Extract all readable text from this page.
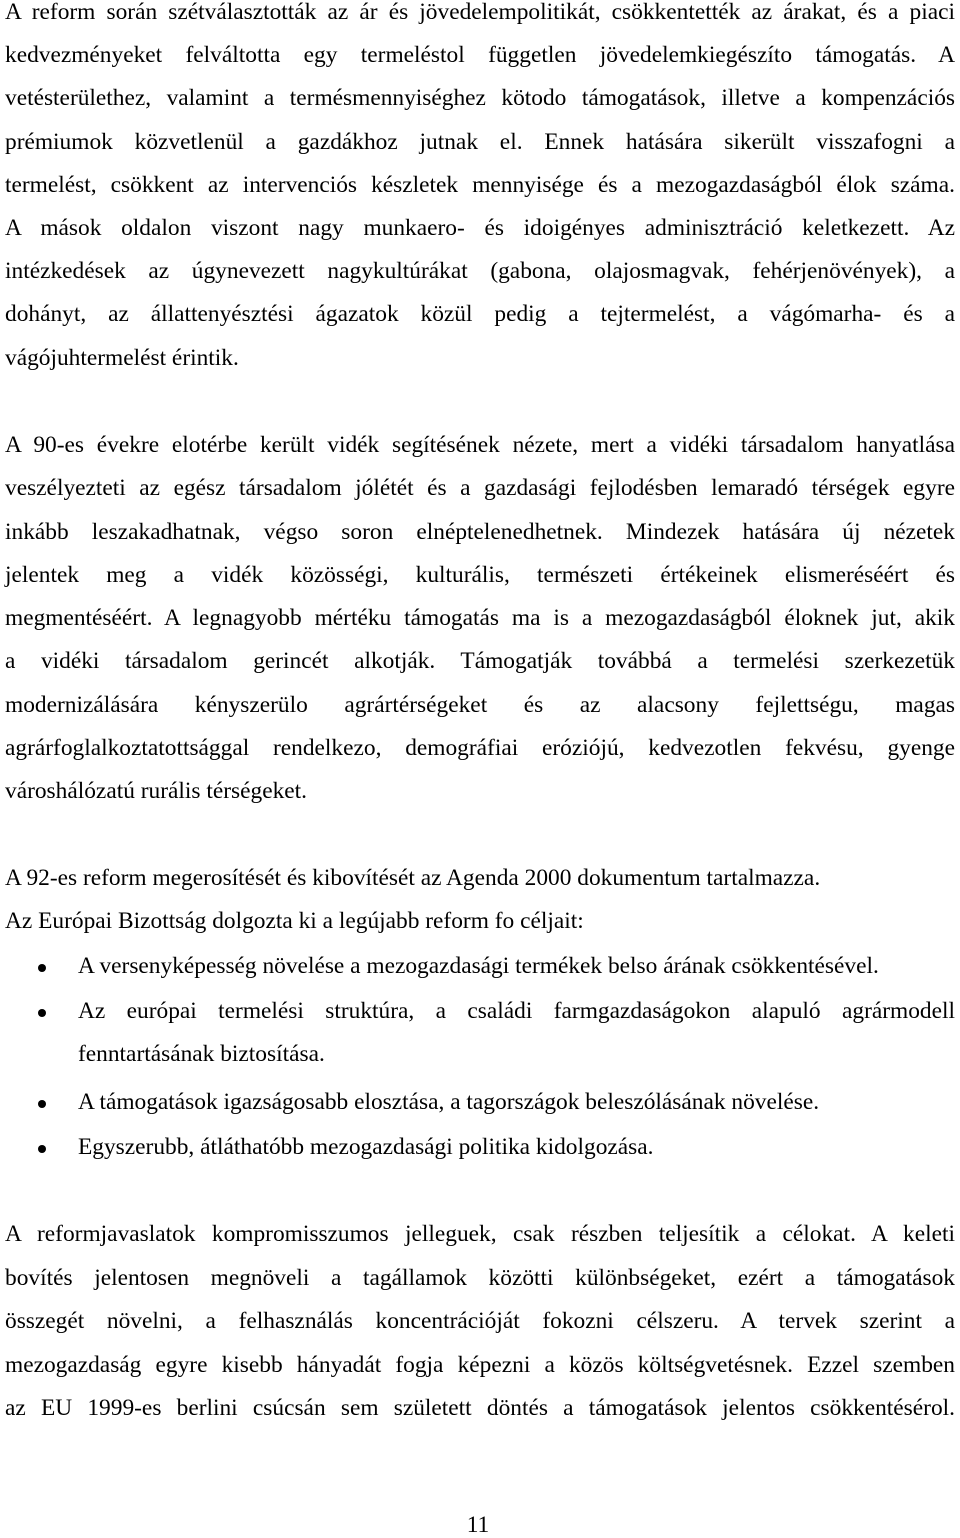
A reform során szétválasztották az ár és jövedelempolitikát, csökkentették az árakat, és a piaci
kedvezményeket felváltotta egy termeléstol független jövedelemkiegészíto támogatás. A
vetésterülethez, valamint a termésmennyiséghez kötodo támogatások, illetve a kompenzációs
prémiumok közvetlenül a gazdákhoz jutnak el. Ennek hatására sikerült visszafogni a
termelést, csökkent az intervenciós készletek mennyisége és a mezogazdaságból élok száma.
A mások oldalon viszont nagy munkaero- és idoigényes adminisztráció keletkezett. Az
intézkedések az úgynevezett nagykultúrákat (gabona, olajosmagvak, fehérjenövények), a
dohányt, az állattenyésztési ágazatok közül pedig a tejtermelést, a vágómarha- és a
vágójuhtermelést érintik.
A 90-es évekre elotérbe került vidék segítésének nézete, mert a vidéki társadalom hanyatlása
veszélyezteti az egész társadalom jólétét és a gazdasági fejlodésben lemaradó térségek egyre
inkább leszakadhatnak, végso soron elnéptelenedhetnek. Mindezek hatására új nézetek
jelentek meg a vidék közösségi, kulturális, természeti értékeinek elismeréséért és
megmentéséért. A legnagyobb mértéku támogatás ma is a mezogazdaságból éloknek jut, akik
a vidéki társadalom gerincét alkotják. Támogatják továbbá a termelési szerkezetük
modernizálására kényszerülo agrártérségeket és az alacsony fejlettségu, magas
agrárfoglalkoztatottsággal rendelkezo, demográfiai eróziójú, kedvezotlen fekvésu, gyenge
városhálózatú rurális térségeket.
A 92-es reform megerosítését és kibovítését az Agenda 2000 dokumentum tartalmazza.
Az Európai Bizottság dolgozta ki a legújabb reform fo céljait:
A versenyképesség növelése a mezogazdasági termékek belso árának csökkentésével.
Az európai termelési struktúra, a családi farmgazdaságokon alapuló agrármodell
fenntartásának biztosítása.
A támogatások igazságosabb elosztása, a tagországok beleszólásának növelése.
Egyszerubb, átláthatóbb mezogazdasági politika kidolgozása.
A reformjavaslatok kompromisszumos jelleguek, csak részben teljesítik a célokat. A keleti
bovítés jelentosen megnöveli a tagállamok közötti különbségeket, ezért a támogatások
összegét növelni, a felhasználás koncentrációját fokozni célszeru. A tervek szerint a
mezogazdaság egyre kisebb hányadát fogja képezni a közös költségvetésnek. Ezzel szemben
az EU 1999-es berlini csúcsán sem született döntés a támogatások jelentos csökkentésérol.
11
